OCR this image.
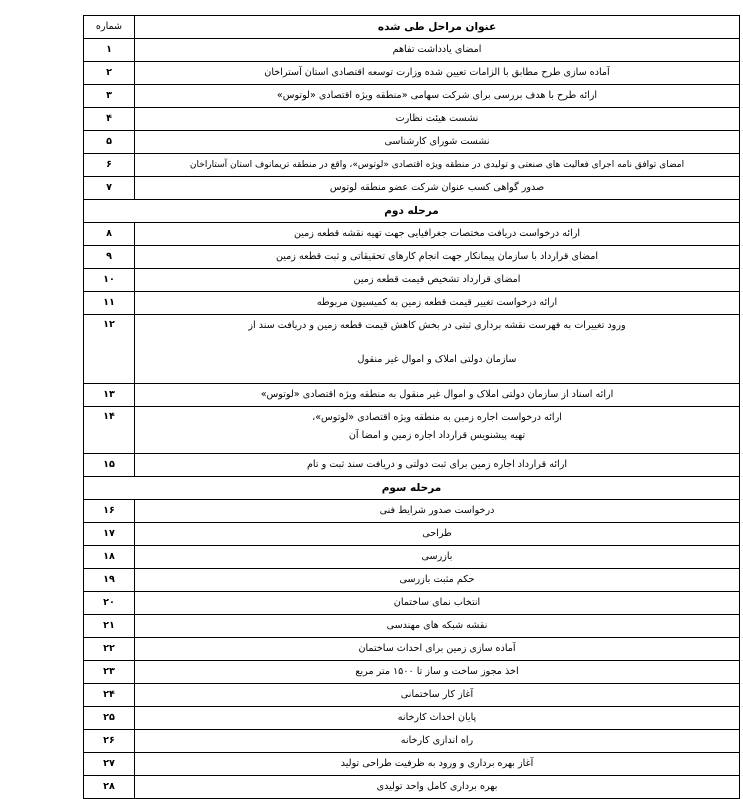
عنوان مراحل طی شده	شماره
امضای یادداشت تفاهم	۱
آماده سازی طرح مطابق با الزامات تعیین شده وزارت توسعه اقتصادی استان آستراخان	۲
ارائه طرح با هدف بررسی برای شرکت سهامی «منطقه ویژه اقتصادی «لوتوس»	۳
نشست هیئت نظارت	۴
نشست شورای کارشناسی	۵
امضای توافق نامه اجرای فعالیت های صنعتی و تولیدی در منطقه ویژه اقتصادی «لوتوس»، واقع در منطقه تریمانوف استان آستاراخان	۶
صدور گواهی کسب عنوان شرکت عضو منطقه لوتوس	۷
مرحله دوم	
ارائه درخواست دریافت مختصات جغرافیایی جهت تهیه نقشه قطعه زمین	۸
امضای قرارداد با سازمان پیمانکار جهت انجام کارهای تحقیقاتی و ثبت قطعه زمین	۹
امضای قرارداد تشخیص قیمت قطعه زمین	۱۰
ارائه درخواست تغییر قیمت قطعه زمین به کمیسیون مربوطه	۱۱

ورود تغییرات به فهرست نقشه برداری ثبتی در بخش کاهش قیمت قطعه زمین و دریافت سند از
سازمان دولتی املاک و اموال غیر منقول	۱۲
ارائه اسناد از سازمان دولتی املاک و اموال غیر منقول به منطقه ویژه اقتصادی «لوتوس»	۱۳

ارائه درخواست اجاره زمین به منطقه ویژه اقتصادی «لوتوس»،
تهیه پیشنویس قرارداد اجاره زمین و امضا آن	۱۴
ارائه قرارداد اجاره زمین برای ثبت دولتی و دریافت سند ثبت و تام	۱۵
مرحله سوم	
درخواست صدور شرایط فنی	۱۶
طراحی	۱۷
بازرسی	۱۸
حکم مثبت بازرسی	۱۹
انتخاب نمای ساختمان	۲۰
نقشه شبکه های مهندسی	۲۱
آماده سازی زمین برای احداث ساختمان	۲۲
اخذ مجوز ساخت و ساز تا ۱۵۰۰ متر مربع	۲۳
آغاز کار ساختمانی	۲۴
پایان احداث کارخانه	۲۵
راه اندازی کارخانه	۲۶
آغاز بهره برداری و ورود به ظرفیت طراحی تولید	۲۷
بهره برداری کامل واحد تولیدی	۲۸
